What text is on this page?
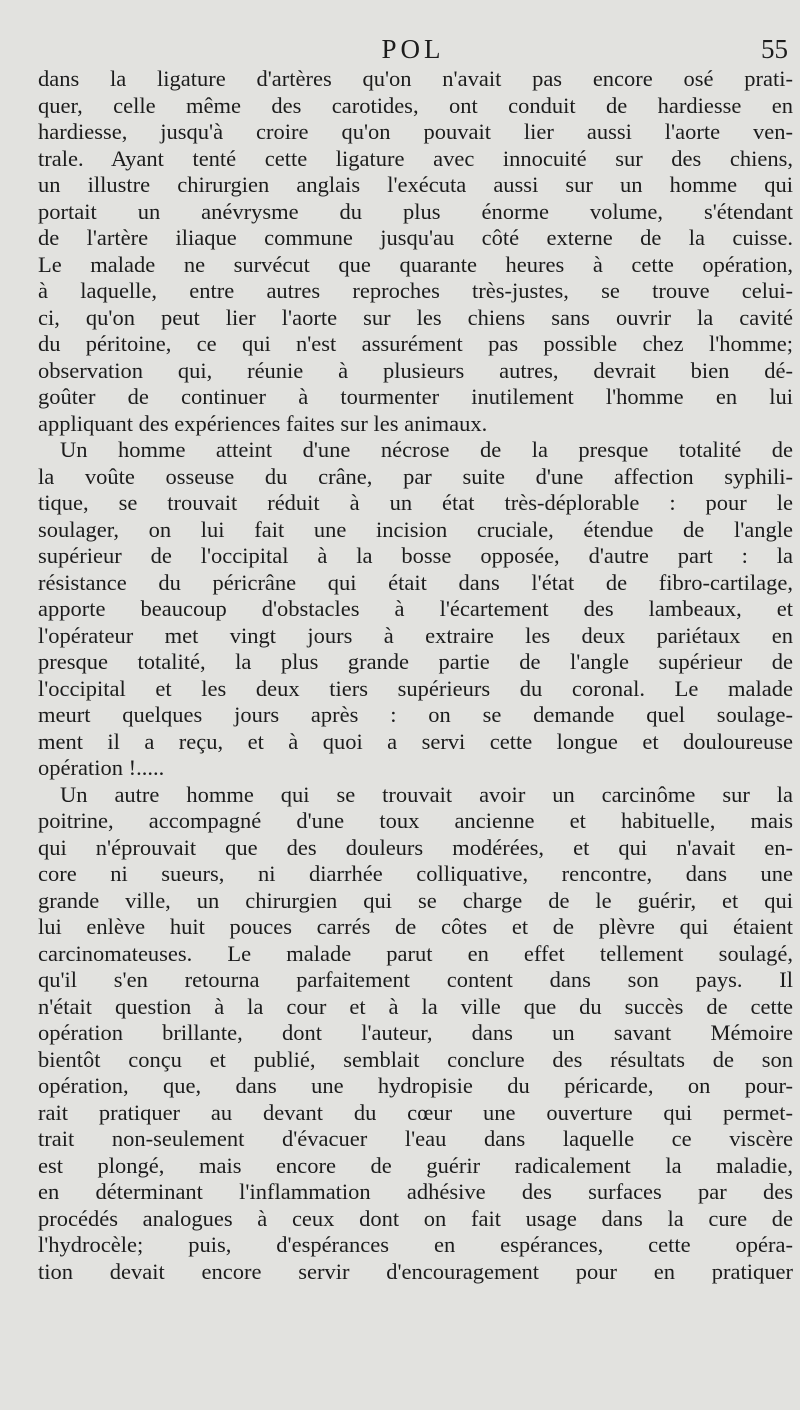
POL	55
dans la ligature d'artères qu'on n'avait pas encore osé prati-
quer, celle même des carotides, ont conduit de hardiesse en
hardiesse, jusqu'à croire qu'on pouvait lier aussi l'aorte ven-
trale. Ayant tenté cette ligature avec innocuité sur des chiens,
un illustre chirurgien anglais l'exécuta aussi sur un homme qui
portait un anévrysme du plus énorme volume, s'étendant
de l'artère iliaque commune jusqu'au côté externe de la cuisse.
Le malade ne survécut que quarante heures à cette opération,
à laquelle, entre autres reproches très-justes, se trouve celui-
ci, qu'on peut lier l'aorte sur les chiens sans ouvrir la cavité
du péritoine, ce qui n'est assurément pas possible chez l'homme;
observation qui, réunie à plusieurs autres, devrait bien dé-
goûter de continuer à tourmenter inutilement l'homme en lui
appliquant des expériences faites sur les animaux.
Un homme atteint d'une nécrose de la presque totalité de
la voûte osseuse du crâne, par suite d'une affection syphili-
tique, se trouvait réduit à un état très-déplorable : pour le
soulager, on lui fait une incision cruciale, étendue de l'angle
supérieur de l'occipital à la bosse opposée, d'autre part : la
résistance du péricrâne qui était dans l'état de fibro-cartilage,
apporte beaucoup d'obstacles à l'écartement des lambeaux, et
l'opérateur met vingt jours à extraire les deux pariétaux en
presque totalité, la plus grande partie de l'angle supérieur de
l'occipital et les deux tiers supérieurs du coronal. Le malade
meurt quelques jours après : on se demande quel soulage-
ment il a reçu, et à quoi a servi cette longue et douloureuse
opération !.....
Un autre homme qui se trouvait avoir un carcinôme sur la
poitrine, accompagné d'une toux ancienne et habituelle, mais
qui n'éprouvait que des douleurs modérées, et qui n'avait en-
core ni sueurs, ni diarrhée colliquative, rencontre, dans une
grande ville, un chirurgien qui se charge de le guérir, et qui
lui enlève huit pouces carrés de côtes et de plèvre qui étaient
carcinomateuses. Le malade parut en effet tellement soulagé,
qu'il s'en retourna parfaitement content dans son pays. Il
n'était question à la cour et à la ville que du succès de cette
opération brillante, dont l'auteur, dans un savant Mémoire
bientôt conçu et publié, semblait conclure des résultats de son
opération, que, dans une hydropisie du péricarde, on pour-
rait pratiquer au devant du cœur une ouverture qui permet-
trait non-seulement d'évacuer l'eau dans laquelle ce viscère
est plongé, mais encore de guérir radicalement la maladie,
en déterminant l'inflammation adhésive des surfaces par des
procédés analogues à ceux dont on fait usage dans la cure de
l'hydrocèle; puis, d'espérances en espérances, cette opéra-
tion devait encore servir d'encouragement pour en pratiquer
